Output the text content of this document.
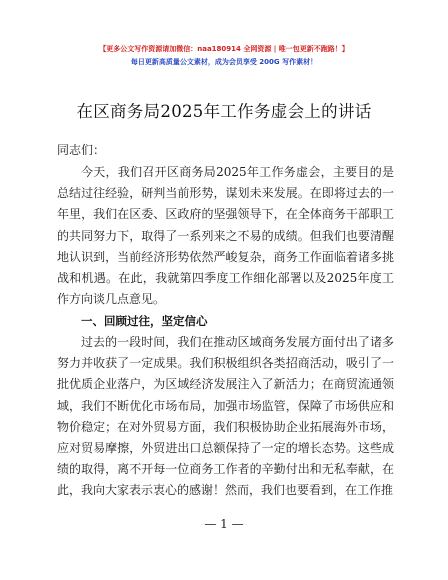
【更多公文写作资源请加微信：naa180914 全网资源 | 唯一包更新不跑路！】
每日更新高质量公文素材，成为会员享受 200G 写作素材！
在区商务局2025年工作务虚会上的讲话
同志们：
今天，我们召开区商务局2025年工作务虚会，主要目的是总结过往经验，研判当前形势，谋划未来发展。在即将过去的一年里，我们在区委、区政府的坚强领导下，在全体商务干部职工的共同努力下，取得了一系列来之不易的成绩。但我们也要清醒地认识到，当前经济形势依然严峻复杂，商务工作面临着诸多挑战和机遇。在此，我就第四季度工作细化部署以及2025年度工作方向谈几点意见。
一、回顾过往，坚定信心
过去的一段时间，我们在推动区域商务发展方面付出了诸多努力并收获了一定成果。我们积极组织各类招商活动，吸引了一批优质企业落户，为区域经济发展注入了新活力；在商贸流通领域，我们不断优化市场布局，加强市场监管，保障了市场供应和物价稳定；在对外贸易方面，我们积极协助企业拓展海外市场，应对贸易摩擦，外贸进出口总额保持了一定的增长态势。这些成绩的取得，离不开每一位商务工作者的辛勤付出和无私奉献，在此，我向大家表示衷心的感谢！然而，我们也要看到，在工作推
— 1 —
